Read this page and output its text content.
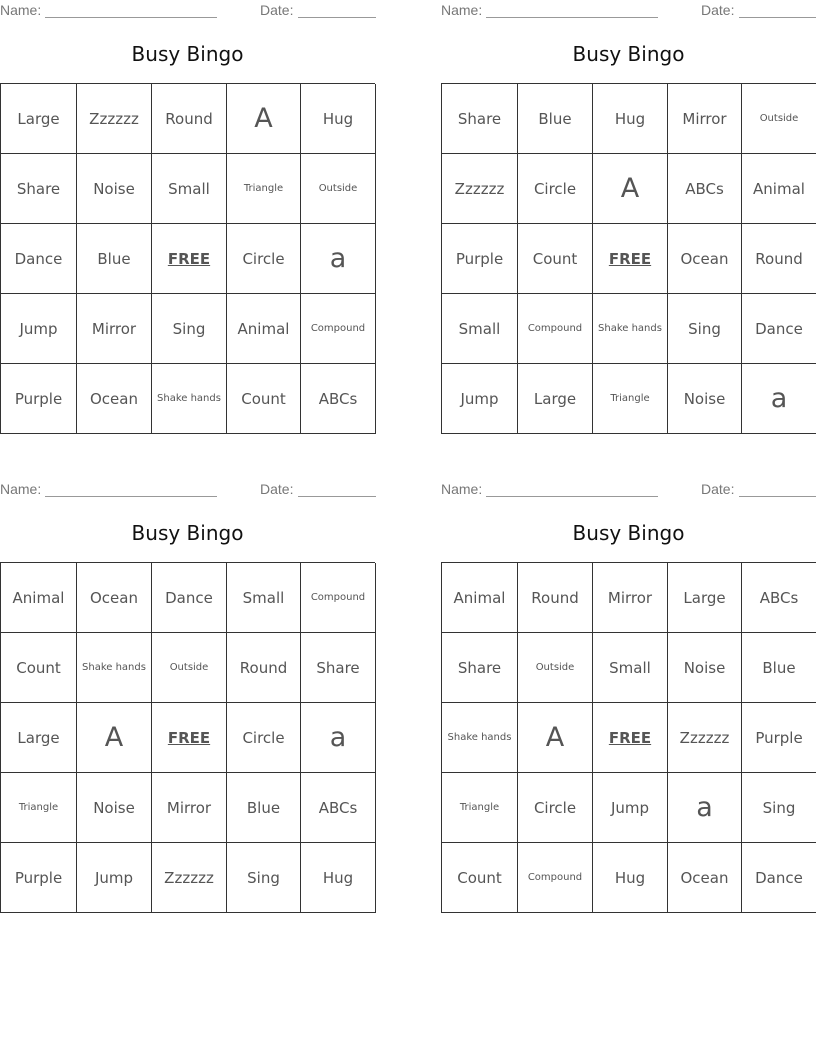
Name:	Date:
Busy Bingo
Large	Zzzzzz	Round	A	Hug
Share	Noise	Small	Triangle	Outside
Dance	Blue	FREE	Circle	a
Jump	Mirror	Sing	Animal	Compound
Purple	Ocean	Shake hands	Count	ABCs
Name:	Date:
Busy Bingo
Share	Blue	Hug	Mirror	Outside
Zzzzzz	Circle	A	ABCs	Animal
Purple	Count	FREE	Ocean	Round
Small	Compound	Shake hands	Sing	Dance
Jump	Large	Triangle	Noise	a
Name:	Date:
Busy Bingo
Animal	Ocean	Dance	Small	Compound
Count	Shake hands	Outside	Round	Share
Large	A	FREE	Circle	a
Triangle	Noise	Mirror	Blue	ABCs
Purple	Jump	Zzzzzz	Sing	Hug
Name:	Date:
Busy Bingo
Animal	Round	Mirror	Large	ABCs
Share	Outside	Small	Noise	Blue
Shake hands	A	FREE	Zzzzzz	Purple
Triangle	Circle	Jump	a	Sing
Count	Compound	Hug	Ocean	Dance
